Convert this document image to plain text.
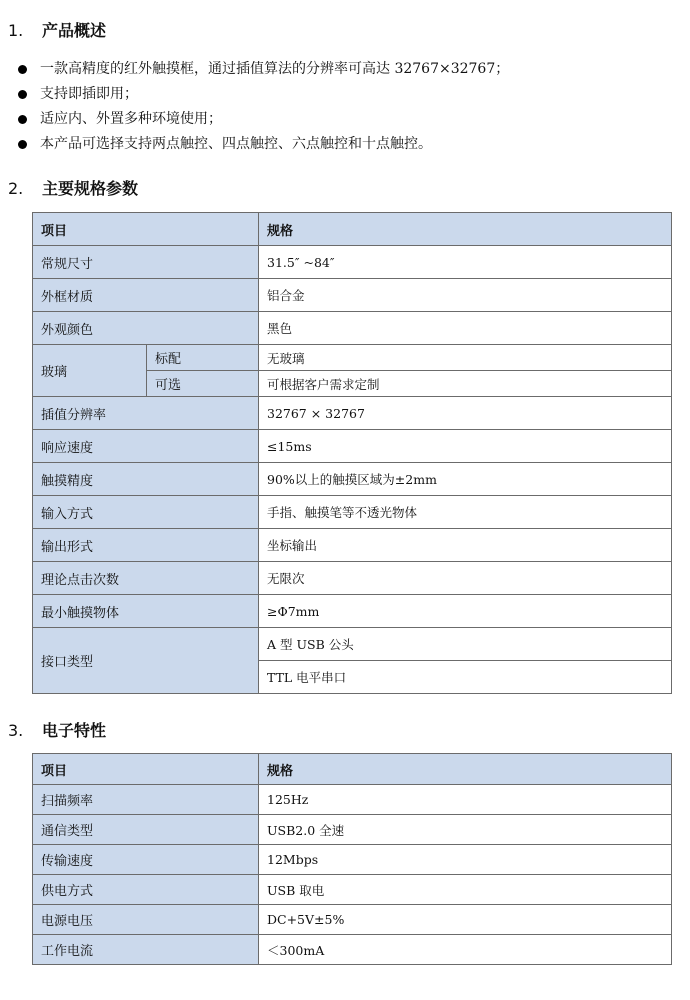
1. 产品概述
一款高精度的红外触摸框，通过插值算法的分辨率可高达 32767×32767；
支持即插即用；
适应内、外置多种环境使用；
本产品可选择支持两点触控、四点触控、六点触控和十点触控。
2. 主要规格参数
项目		规格
常规尺寸		31.5″ ~84″
外框材质		铝合金
外观颜色		黑色
玻璃	标配	无玻璃
	可选	可根据客户需求定制
插值分辨率		32767 × 32767
响应速度		≤15ms
触摸精度		90%以上的触摸区域为±2mm
输入方式		手指、触摸笔等不透光物体
输出形式		坐标输出
理论点击次数		无限次
最小触摸物体		≥Φ7mm
接口类型		A 型 USB 公头
		TTL 电平串口
3. 电子特性
项目	规格
扫描频率	125Hz
通信类型	USB2.0 全速
传输速度	12Mbps
供电方式	USB 取电
电源电压	DC+5V±5%
工作电流	＜300mA
